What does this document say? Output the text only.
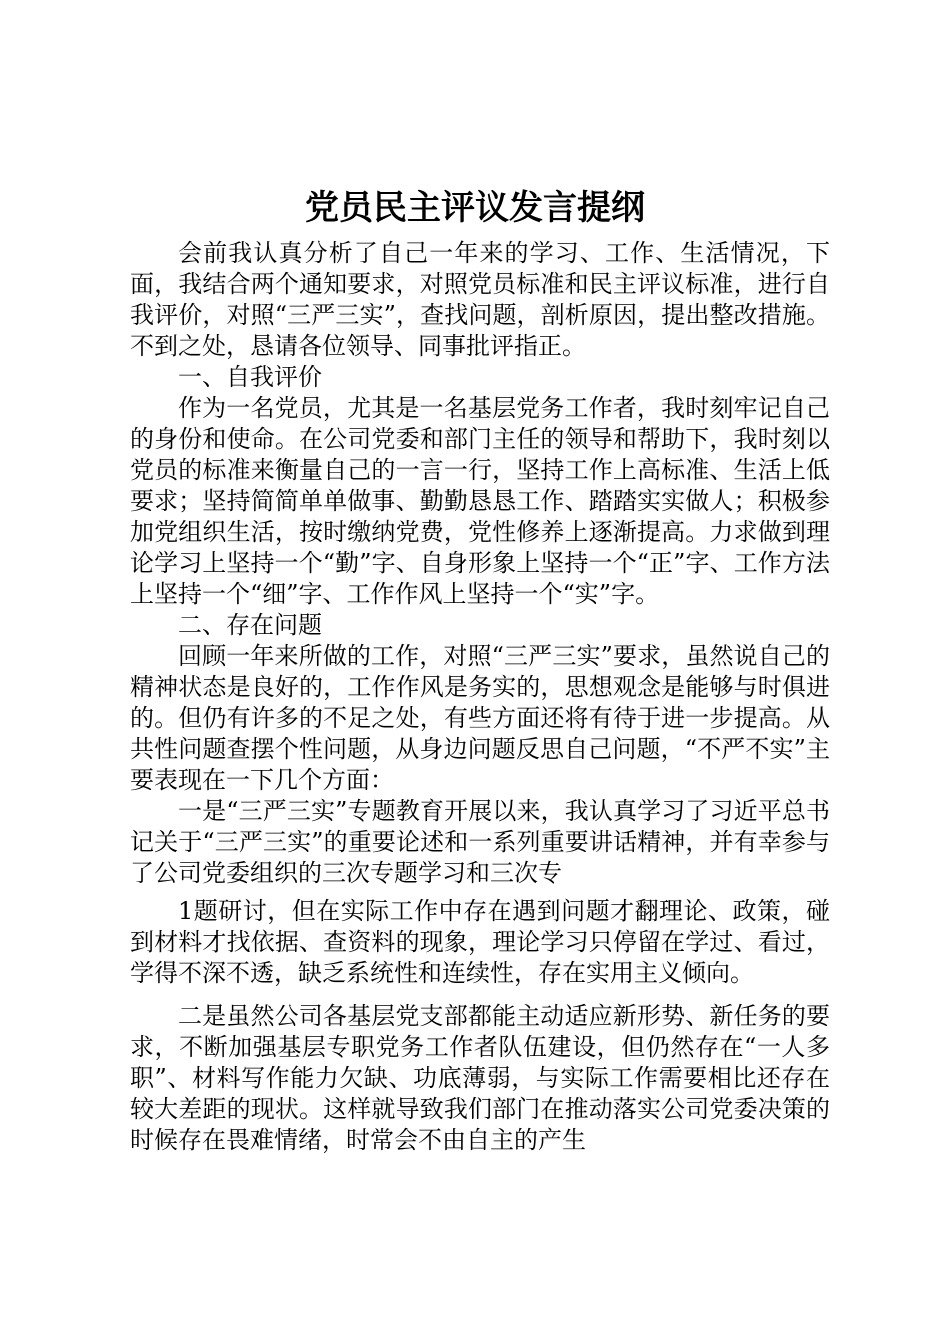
党员民主评议发言提纲

会前我认真分析了自己一年来的学习、工作、生活情况，下面，我结合两个通知要求，对照党员标准和民主评议标准，进行自我评价，对照“三严三实”，查找问题，剖析原因，提出整改措施。不到之处，恳请各位领导、同事批评指正。

一、自我评价

作为一名党员，尤其是一名基层党务工作者，我时刻牢记自己的身份和使命。在公司党委和部门主任的领导和帮助下，我时刻以党员的标准来衡量自己的一言一行，坚持工作上高标准、生活上低要求；坚持简简单单做事、勤勤恳恳工作、踏踏实实做人；积极参加党组织生活，按时缴纳党费，党性修养上逐渐提高。力求做到理论学习上坚持一个“勤”字、自身形象上坚持一个“正”字、工作方法上坚持一个“细”字、工作作风上坚持一个“实”字。

二、存在问题

回顾一年来所做的工作，对照“三严三实”要求，虽然说自己的精神状态是良好的，工作作风是务实的，思想观念是能够与时俱进的。但仍有许多的不足之处，有些方面还将有待于进一步提高。从共性问题查摆个性问题，从身边问题反思自己问题，“不严不实”主要表现在一下几个方面：

一是“三严三实”专题教育开展以来，我认真学习了习近平总书记关于“三严三实”的重要论述和一系列重要讲话精神，并有幸参与了公司党委组织的三次专题学习和三次专

1题研讨，但在实际工作中存在遇到问题才翻理论、政策，碰到材料才找依据、查资料的现象，理论学习只停留在学过、看过，学得不深不透，缺乏系统性和连续性，存在实用主义倾向。

二是虽然公司各基层党支部都能主动适应新形势、新任务的要求，不断加强基层专职党务工作者队伍建设，但仍然存在“一人多职”、材料写作能力欠缺、功底薄弱，与实际工作需要相比还存在较大差距的现状。这样就导致我们部门在推动落实公司党委决策的时候存在畏难情绪，时常会不由自主的产生
